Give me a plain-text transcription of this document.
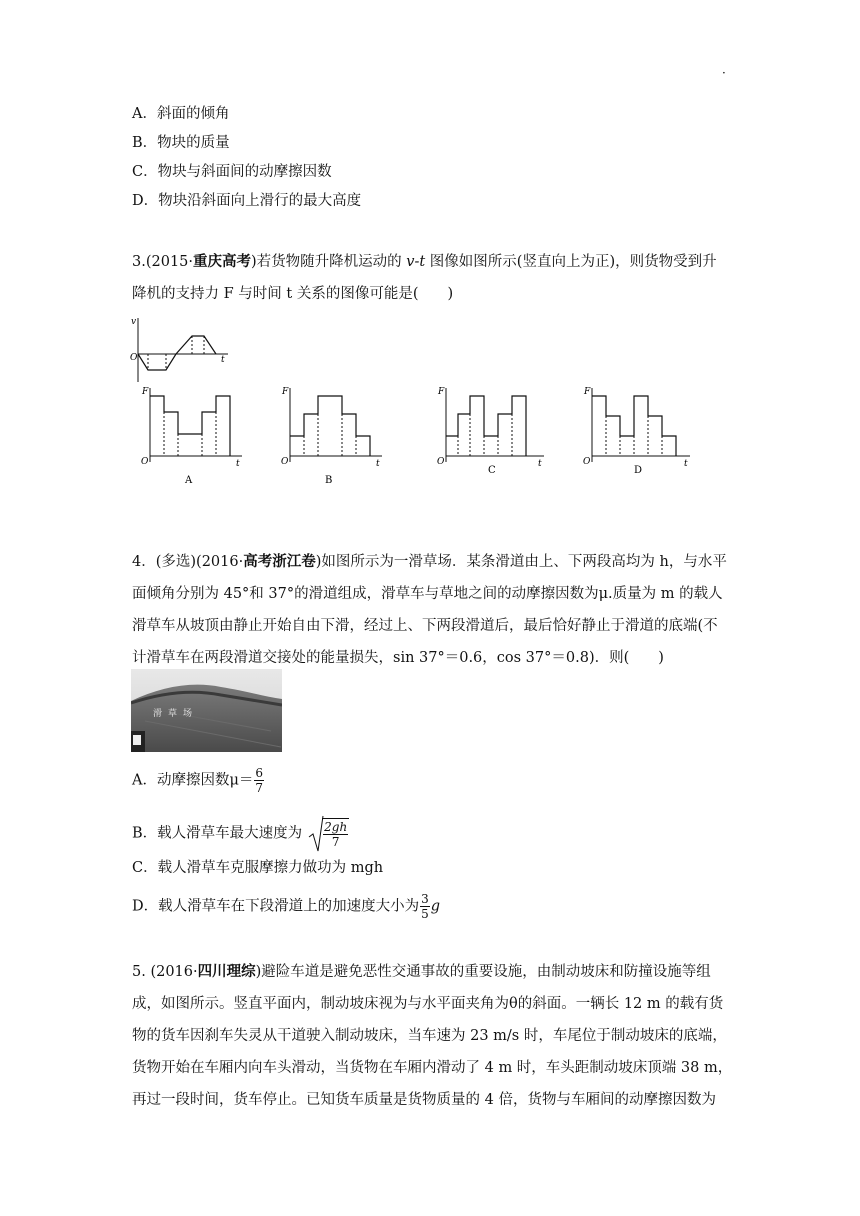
·
A．斜面的倾角
B．物块的质量
C．物块与斜面间的动摩擦因数
D．物块沿斜面向上滑行的最大高度
3.(2015·重庆高考)若货物随升降机运动的 v-t 图像如图所示(竖直向上为正)，则货物受到升
降机的支持力 F 与时间 t 关系的图像可能是(　　)
v
O	t
F
O	t
A
F
O	t
B
F
O	t
C
F
O	t
D
4．(多选)(2016·高考浙江卷)如图所示为一滑草场．某条滑道由上、下两段高均为 h，与水平
面倾角分别为 45°和 37°的滑道组成，滑草车与草地之间的动摩擦因数为μ.质量为 m 的载人
滑草车从坡顶由静止开始自由下滑，经过上、下两段滑道后，最后恰好静止于滑道的底端(不
计滑草车在两段滑道交接处的能量损失，sin 37°＝0.6，cos 37°＝0.8)．则(　　)
滑草场
A．动摩擦因数$\mu= \frac{6}{7}$
B．载人滑草车最大速度为 $\frac{2gh}{7}$
C．载人滑草车克服摩擦力做功为 mgh
D．载人滑草车在下段滑道上的加速度大小为 $\frac{3}{5}$ g
5. (2016·四川理综)避险车道是避免恶性交通事故的重要设施，由制动坡床和防撞设施等组
成，如图所示。竖直平面内，制动坡床视为与水平面夹角为θ的斜面。一辆长 12 m 的载有货
物的货车因刹车失灵从干道驶入制动坡床，当车速为 23 m/s 时，车尾位于制动坡床的底端，
货物开始在车厢内向车头滑动，当货物在车厢内滑动了 4 m 时，车头距制动坡床顶端 38 m，
再过一段时间，货车停止。已知货车质量是货物质量的 4 倍，货物与车厢间的动摩擦因数为
